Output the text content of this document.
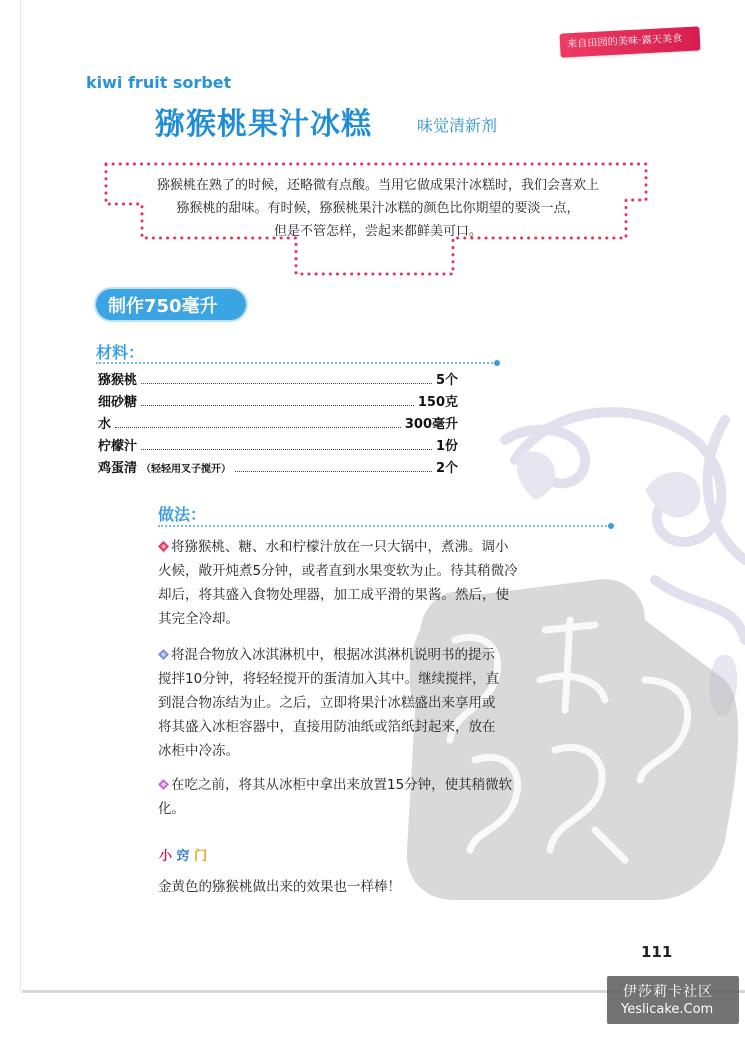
来自田园的美味·露天美食
kiwi fruit sorbet
猕猴桃果汁冰糕	味觉清新剂
猕猴桃在熟了的时候，还略微有点酸。当用它做成果汁冰糕时，我们会喜欢上
猕猴桃的甜味。有时候，猕猴桃果汁冰糕的颜色比你期望的要淡一点，
但是不管怎样，尝起来都鲜美可口。
制作750毫升
材料：
猕猴桃	5个
细砂糖	150克
水	300毫升
柠檬汁	1份
鸡蛋清 （轻轻用叉子搅开）	2个
做法：
将猕猴桃、糖、水和柠檬汁放在一只大锅中，煮沸。调小
火候，敞开炖煮5分钟，或者直到水果变软为止。待其稍微冷
却后，将其盛入食物处理器，加工成平滑的果酱。然后，使
其完全冷却。
将混合物放入冰淇淋机中，根据冰淇淋机说明书的提示
搅拌10分钟，将轻轻搅开的蛋清加入其中。继续搅拌，直
到混合物冻结为止。之后，立即将果汁冰糕盛出来享用或
将其盛入冰柜容器中，直接用防油纸或箔纸封起来，放在
冰柜中冷冻。
在吃之前，将其从冰柜中拿出来放置15分钟，使其稍微软
化。
小 窍 门
金黄色的猕猴桃做出来的效果也一样棒！
111
伊莎莉卡社区
Yeslicake.Com
